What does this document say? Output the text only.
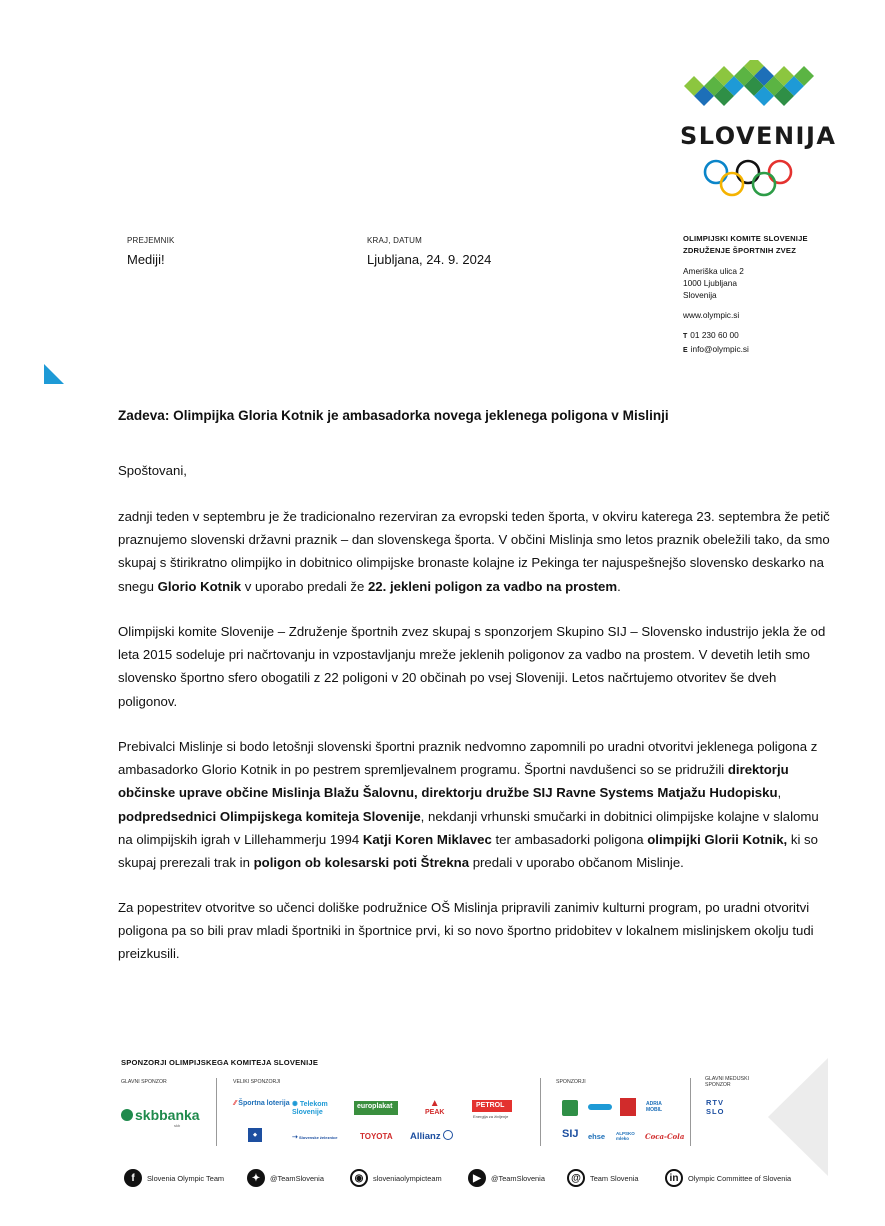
SLOVENIJA
PREJEMNIK
Mediji!
KRAJ, DATUM
Ljubljana, 24. 9. 2024
OLIMPIJSKI KOMITE SLOVENIJE
ZDRUŽENJE ŠPORTNIH ZVEZ
Ameriška ulica 2
1000 Ljubljana
Slovenija
www.olympic.si
T 01 230 60 00
E info@olympic.si
Zadeva: Olimpijka Gloria Kotnik je ambasadorka novega jeklenega poligona v Mislinji
Spoštovani,
zadnji teden v septembru je že tradicionalno rezerviran za evropski teden športa, v okviru katerega 23. septembra že petič praznujemo slovenski državni praznik – dan slovenskega športa. V občini Mislinja smo letos praznik obeležili tako, da smo skupaj s štirikratno olimpijko in dobitnico olimpijske bronaste kolajne iz Pekinga ter najuspešnejšo slovensko deskarko na snegu Glorio Kotnik v uporabo predali že 22. jekleni poligon za vadbo na prostem.
Olimpijski komite Slovenije – Združenje športnih zvez skupaj s sponzorjem Skupino SIJ – Slovensko industrijo jekla že od leta 2015 sodeluje pri načrtovanju in vzpostavljanju mreže jeklenih poligonov za vadbo na prostem. V devetih letih smo slovensko športno sfero obogatili z 22 poligoni v 20 občinah po vsej Sloveniji. Letos načrtujemo otvoritev še dveh poligonov.
Prebivalci Mislinje si bodo letošnji slovenski športni praznik nedvomno zapomnili po uradni otvoritvi jeklenega poligona z ambasadorko Glorio Kotnik in po pestrem spremljevalnem programu. Športni navdušenci so se pridružili direktorju občinske uprave občine Mislinja Blažu Šalovnu, direktorju družbe SIJ Ravne Systems Matjažu Hudopisku, podpredsednici Olimpijskega komiteja Slovenije, nekdanji vrhunski smučarki in dobitnici olimpijske kolajne v slalomu na olimpijskih igrah v Lillehammerju 1994 Katji Koren Miklavec ter ambasadorki poligona olimpijki Glorii Kotnik, ki so skupaj prerezali trak in poligon ob kolesarski poti Štrekna predali v uporabo občanom Mislinje.
Za popestritev otvoritve so učenci doliške podružnice OŠ Mislinja pripravili zanimiv kulturni program, po uradni otvoritvi poligona pa so bili prav mladi športniki in športnice prvi, ki so novo športno pridobitev v lokalnem mislinjskem okolju tudi preizkusili.
SPONZORJI OLIMPIJSKEGA KOMITEJA SLOVENIJE
GLAVNI SPONZOR	VELIKI SPONZORJI	SPONZORJI	GLAVNI MEDIJSKI SPONZOR
skbbanka
skb
⁄⁄ Športna loterija ✺ Telekom Slovenije
europlakat	▲
PEAK
PETROL
Energija za življenje
◆	➝ Slovenske železnice	TOYOTA Allianz
ADRIA MOBIL
SIJ ehse ALPSKO mleko	Coca-Cola
RTV SLO
f	Slovenia Olympic Team	✦	@TeamSlovenia	◉	sloveniaolympicteam	▶	@TeamSlovenia	@	Team Slovenia	in	Olympic Committee of Slovenia
